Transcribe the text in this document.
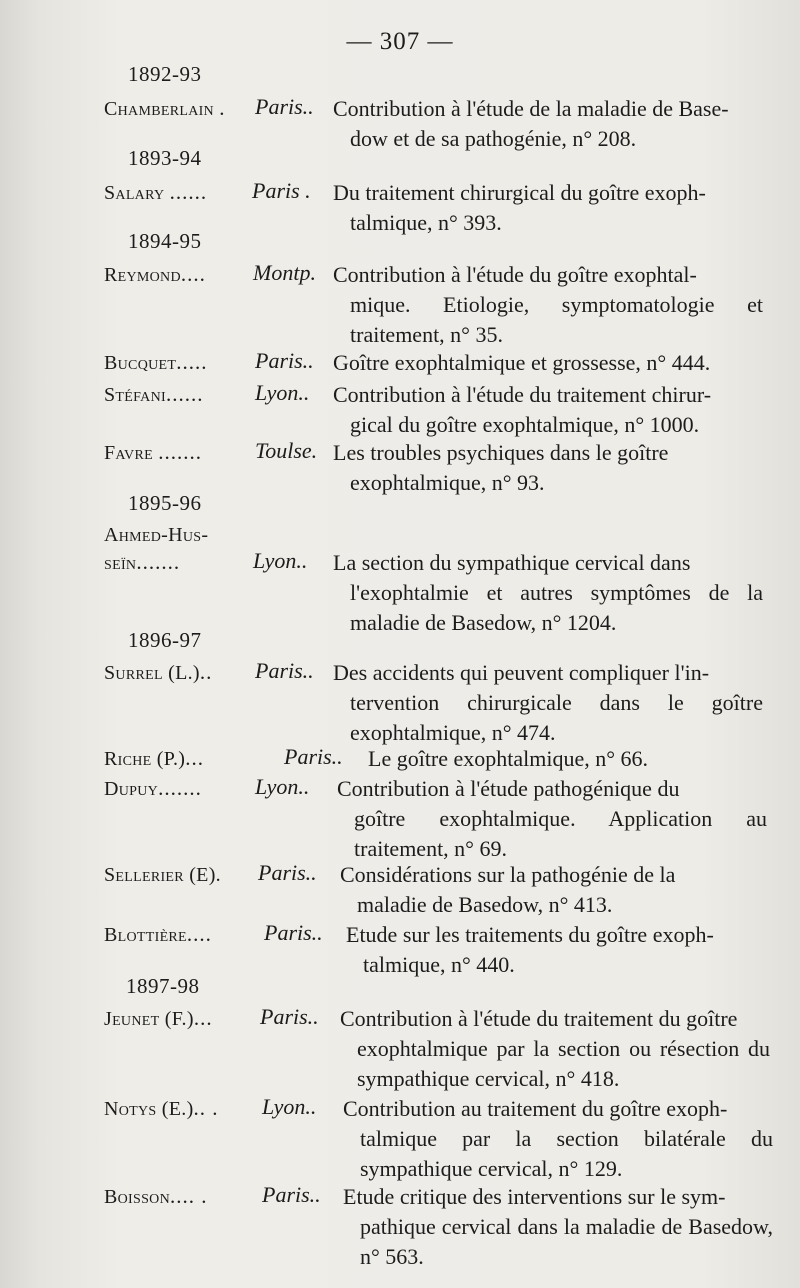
— 307 —
1892-93
Chamberlain . Paris.. Contribution à l'étude de la maladie de Base-
dow et de sa pathogénie, n° 208.
1893-94
Salary ...... Paris . Du traitement chirurgical du goître exoph-
talmique, n° 393.
1894-95
Reymond.... Montp. Contribution à l'étude du goître exophtal-
mique. Etiologie, symptomatologie et traitement, n° 35.
Bucquet..... Paris.. Goître exophtalmique et grossesse, n° 444.
Stéfani...... Lyon.. Contribution à l'étude du traitement chirur-
gical du goître exophtalmique, n° 1000.
Favre ....... Toulse. Les troubles psychiques dans le goître
exophtalmique, n° 93.
1895-96
Ahmed-Hus-
seïn.......	Lyon.. La section du sympathique cervical dans
l'exophtalmie et autres symptômes de la maladie de Basedow, n° 1204.
1896-97
Surrel (L.).. Paris.. Des accidents qui peuvent compliquer l'in-
tervention chirurgicale dans le goître exophtalmique, n° 474.
Riche (P.)...	Paris.. Le goître exophtalmique, n° 66.
Dupuy....... Lyon.. Contribution à l'étude pathogénique du
goître exophtalmique. Application au traitement, n° 69.
Sellerier (E). Paris.. Considérations sur la pathogénie de la
maladie de Basedow, n° 413.
Blottière.... Paris.. Etude sur les traitements du goître exoph-
talmique, n° 440.
1897-98
Jeunet (F.)... Paris.. Contribution à l'étude du traitement du goître
exophtalmique par la section ou résection du sympathique cervical, n° 418.
Notys (E.).. . Lyon.. Contribution au traitement du goître exoph-
talmique par la section bilatérale du sympathique cervical, n° 129.
Boisson.... . Paris.. Etude critique des interventions sur le sym-
pathique cervical dans la maladie de Basedow, n° 563.
